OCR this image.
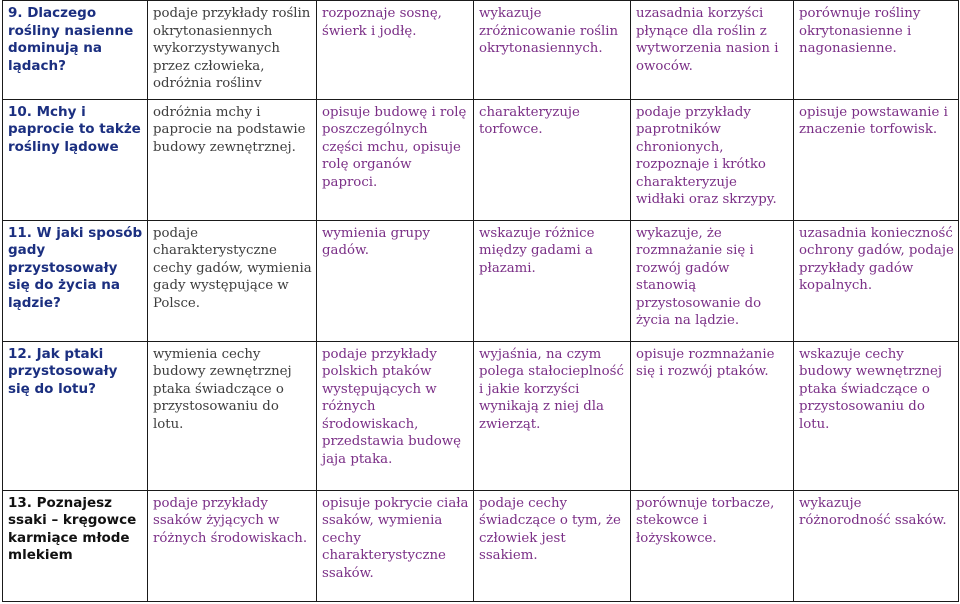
9. Dlaczego rośliny nasienne dominują na lądach?	podaje przykłady roślin okrytonasiennych wykorzystywanych przez człowieka, odróżnia roślinv	rozpoznaje sosnę, świerk i jodłę.	wykazuje zróżnicowanie roślin okrytonasiennych.	uzasadnia korzyści płynące dla roślin z wytworzenia nasion i owoców.	porównuje rośliny okrytonasienne i nagonasienne.
10. Mchy i paprocie to także rośliny lądowe	odróżnia mchy i paprocie na podstawie budowy zewnętrznej.	opisuje budowę i rolę poszczególnych części mchu, opisuje rolę organów paproci.	charakteryzuje torfowce.	podaje przykłady paprotników chronionych, rozpoznaje i krótko charakteryzuje widłaki oraz skrzypy.	opisuje powstawanie i znaczenie torfowisk.
11. W jaki sposób gady przystosowały się do życia na lądzie?	podaje charakterystyczne cechy gadów, wymienia gady występujące w Polsce.	wymienia grupy gadów.	wskazuje różnice między gadami a płazami.	wykazuje, że rozmnażanie się i rozwój gadów stanowią przystosowanie do życia na lądzie.	uzasadnia konieczność ochrony gadów, podaje przykłady gadów kopalnych.
12. Jak ptaki przystosowały się do lotu?	wymienia cechy budowy zewnętrznej ptaka świadczące o przystosowaniu do lotu.	podaje przykłady polskich ptaków występujących w różnych środowiskach, przedstawia budowę jaja ptaka.	wyjaśnia, na czym polega stałocieplność i jakie korzyści wynikają z niej dla zwierząt.	opisuje rozmnażanie się i rozwój ptaków.	wskazuje cechy budowy wewnętrznej ptaka świadczące o przystosowaniu do lotu.
13. Poznajesz ssaki – kręgowce karmiące młode mlekiem	podaje przykłady ssaków żyjących w różnych środowiskach.	opisuje pokrycie ciała ssaków, wymienia cechy charakterystyczne ssaków.	podaje cechy świadczące o tym, że człowiek jest ssakiem.	porównuje torbacze, stekowce i łożyskowce.	wykazuje różnorodność ssaków.
